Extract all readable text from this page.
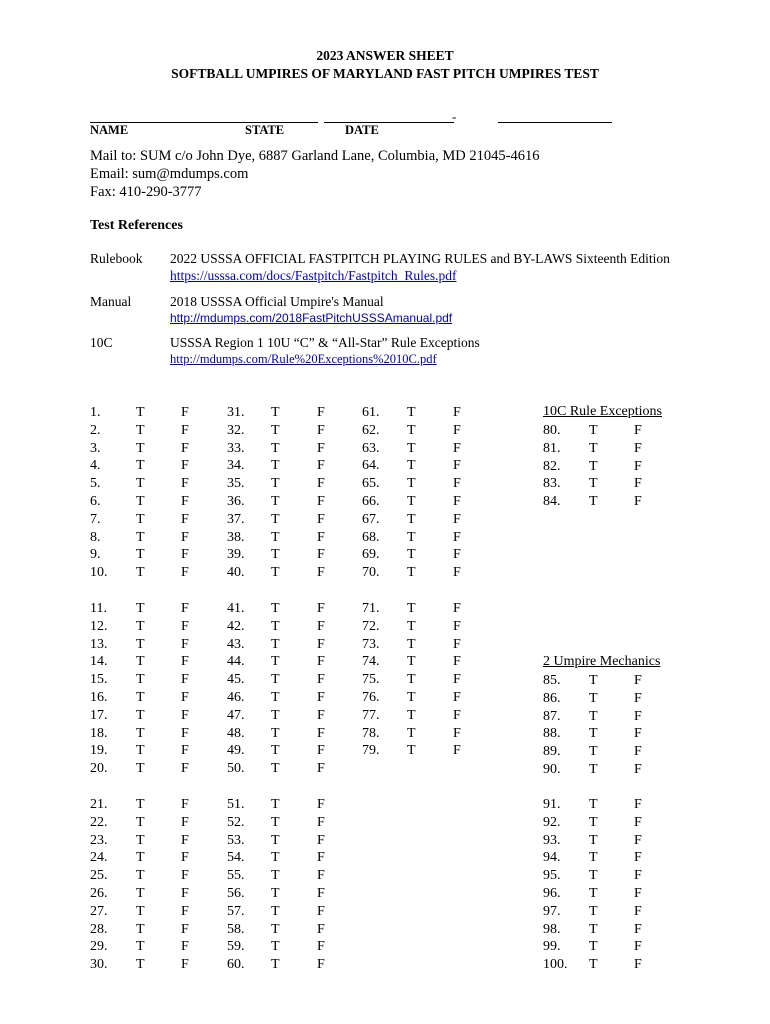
2023 ANSWER SHEET
SOFTBALL UMPIRES OF MARYLAND FAST PITCH UMPIRES TEST
-
NAME	STATE	DATE
Mail to: SUM c/o John Dye, 6887 Garland Lane, Columbia, MD 21045-4616
Email: sum@mdumps.com
Fax: 410-290-3777
Test References
Rulebook 2022 USSSA OFFICIAL FASTPITCH PLAYING RULES and BY-LAWS Sixteenth Edition
https://usssa.com/docs/Fastpitch/Fastpitch_Rules.pdf
Manual	2018 USSSA Official Umpire's Manual
http://mdumps.com/2018FastPitchUSSSAmanual.pdf
10C	USSSA Region 1 10U “C” & “All-Star” Rule Exceptions
http://mdumps.com/Rule%20Exceptions%2010C.pdf
10C Rule Exceptions
2 Umpire Mechanics
1.	T	F
2.	T	F
3.	T	F
4.	T	F
5.	T	F
6.	T	F
7.	T	F
8.	T	F
9.	T	F
10. T	F
11. T	F
12. T	F
13. T	F
14. T	F
15. T	F
16. T	F
17. T	F
18. T	F
19. T	F
20. T	F
21. T	F
22. T	F
23. T	F
24. T	F
25. T	F
26. T	F
27. T	F
28. T	F
29. T	F
30. T	F
31. T	F
32. T	F
33. T	F
34. T	F
35. T	F
36. T	F
37. T	F
38. T	F
39. T	F
40. T	F
41. T	F
42. T	F
43. T	F
44. T	F
45. T	F
46. T	F
47. T	F
48. T	F
49. T	F
50. T	F
51. T	F
52. T	F
53. T	F
54. T	F
55. T	F
56. T	F
57. T	F
58. T	F
59. T	F
60. T	F
61. T	F
62. T	F
63. T	F
64. T	F
65. T	F
66. T	F
67. T	F
68. T	F
69. T	F
70. T	F
71. T	F
72. T	F
73. T	F
74. T	F
75. T	F
76. T	F
77. T	F
78. T	F
79. T	F
80. T	F
81. T	F
82. T	F
83. T	F
84. T	F
85. T	F
86. T	F
87. T	F
88. T	F
89. T	F
90. T	F
91. T	F
92. T	F
93. T	F
94. T	F
95. T	F
96. T	F
97. T	F
98. T	F
99. T	F
100. T	F
